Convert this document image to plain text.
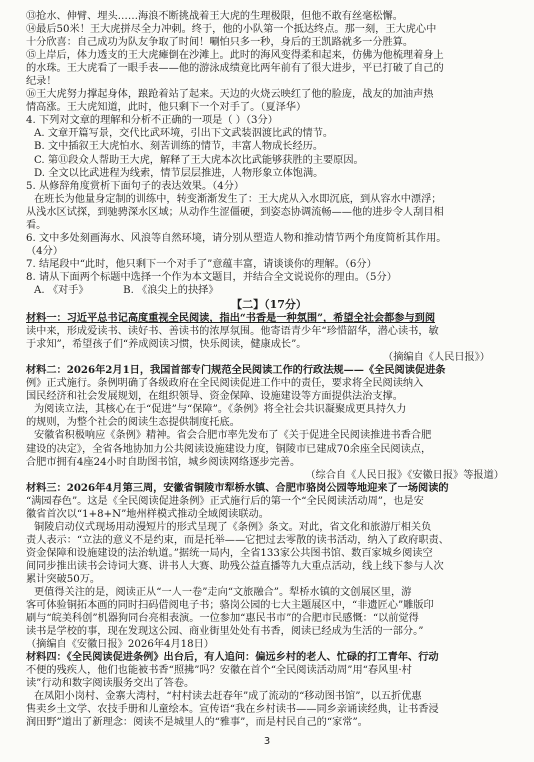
⑬抢水、伸臂、埋头……海浪不断挑战着王大虎的生理极限，但他不敢有丝毫松懈。
⑭最后50米！王大虎拼尽全力冲刺。终于，他的小队第一个抵达终点。那一刻，王大虎心中
十分欣喜：自己成功为队友争取了时间！唰怕只多一秒，身后的王凯路就多一分胜算。
⑮上岸后，体力透支的王大虎瘫倒在沙滩上。此时的海风变得柔和起来，仿佛为他梳理着身上
的水珠。王大虎看了一眼手表——他的游泳成绩竟比两年前有了很大进步，平已打破了自己的
纪录！
⑯王大虎努力撑起身体，踉跄着站了起来。天边的火烧云映红了他的脸庞，战友的加油声热
情高涨。王大虎知道，此时，他只剩下一个对手了。（夏泽华）
4. 下列对文章的理解和分析不正确的一项是（ ）（3分）
A. 文章开篇写景，交代比武环境，引出下文武装泅渡比武的情节。
B. 文中插叙王大虎怕水、刻苦训练的情节，丰富人物成长经历。
C. 第⑪段众人帮助王大虎，解释了王大虎本次比武能够获胜的主要原因。
D. 全文以比武进程为线索，情节层层推进，人物形象立体饱满。
5. 从修辞角度赏析下面句子的表达效果。（4分）
在班长为他量身定制的训练中，转变渐渐发生了：王大虎从入水即沉底，到从容水中漂浮；
从浅水区试探，到驰骋深水区域；从动作生涩僵硬，到姿态协调流畅——他的进步令人刮目相
看。
6. 文中多处刻画海水、风浪等自然环境，请分别从塑造人物和推动情节两个角度简析其作用。
（4分）
7. 结尾段中“此时，他只剩下一个对手了”意蕴丰富，请谈谈你的理解。（6分）
8. 请从下面两个标题中选择一个作为本文题目，并结合全文说说你的理由。（5分）
A. 《对手》	B. 《浪尖上的抉择》
【二】（17分）
材料一：习近平总书记高度重视全民阅读，指出“书香是一种氛围”，希望全社会都参与到阅
读中来，形成爱读书、读好书、善读书的浓厚氛围。他寄语青少年“珍惜韶华，潜心读书，敏
于求知”，希望孩子们“养成阅读习惯，快乐阅读，健康成长”。
（摘编自《人民日报》）
材料二：2026年2月1日，我国首部专门规范全民阅读工作的行政法规——《全民阅读促进条
例》正式施行。条例明确了各级政府在全民阅读促进工作中的责任，要求将全民阅读纳入
国民经济和社会发展规划，在组织领导、资金保障、设施建设等方面提供法治支撑。
为阅读立法，其核心在于“促进”与“保障”。《条例》将全社会共识凝聚成更具持久力
的规则，为整个社会的阅读生态提供制度托底。
安徽省积极响应《条例》精神。省会合肥市率先发布了《关于促进全民阅读推进书香合肥
建设的决定》，全省各地协加力公共阅读设施建设力度，铜陵市已建成70余座全民阅读点，
合肥市拥有4座24小时自助图书馆，城乡阅读网络逐步完善。
（综合自《人民日报》《安徽日报》等报道）
材料三：2026年4月第三周，安徽省铜陵市犁桥水镇、合肥市骆岗公园等地迎来了一场阅读的
“满园春色”。这是《全民阅读促进条例》正式施行后的第一个“全民阅读活动周”，也是安
徽省首次以“1+8+N”地州样模式推动全域阅读联动。
铜陵启动仪式现场用动漫短片的形式呈现了《条例》条文。对此，省文化和旅游厅相关负
责人表示：“立法的意义不是约束，而是托举——它把过去零散的读书活动，纳入了政府职责、
资金保障和设施建设的法治轨道。”据统一局内，全省133家公共图书馆、数百家城乡阅读空
间同步推出读书会诗词大赛、讲书人大赛、助残公益直播等九大重点活动，线上线下参与人次
累计突破50万。
更值得关注的是，阅读正从“一人一卷”走向“文旅融合”。犁桥水镇的文创展区里，游
客可体验铜拓本画的同时扫码借阅电子书；骆岗公园的七大主题展区中，“非遗匠心”雕版印
刷与“皖美科创”机器狗同台亮相表演。一位参加“惠民书市”的合肥市民感慨：“以前觉得
读书是学校的事，现在发现这公园、商业街里处处有书香，阅读已经成为生活的一部分。”
（摘编自《安徽日报》2026年4月18日）
材料四：《全民阅读促进条例》出台后，有人追问：偏远乡村的老人、忙碌的打工青年、行动
不便的残疾人，他们也能被书香“照拂”吗？安徽在首个“全民阅读活动周”用“春风里·村
读”行动和数字阅读服务交出了答卷。
在凤阳小岗村、金寨大湾村，“村村读去赶春年”成了流动的“移动图书馆”，以五折优惠
售卖乡土文学、农技手册和儿童绘本。宣传语“我在乡村读书——同乡亲诵读经典，让书香浸
润田野”道出了新理念：阅读不是城里人的“雅事”，而是村民自己的“家常”。
3
